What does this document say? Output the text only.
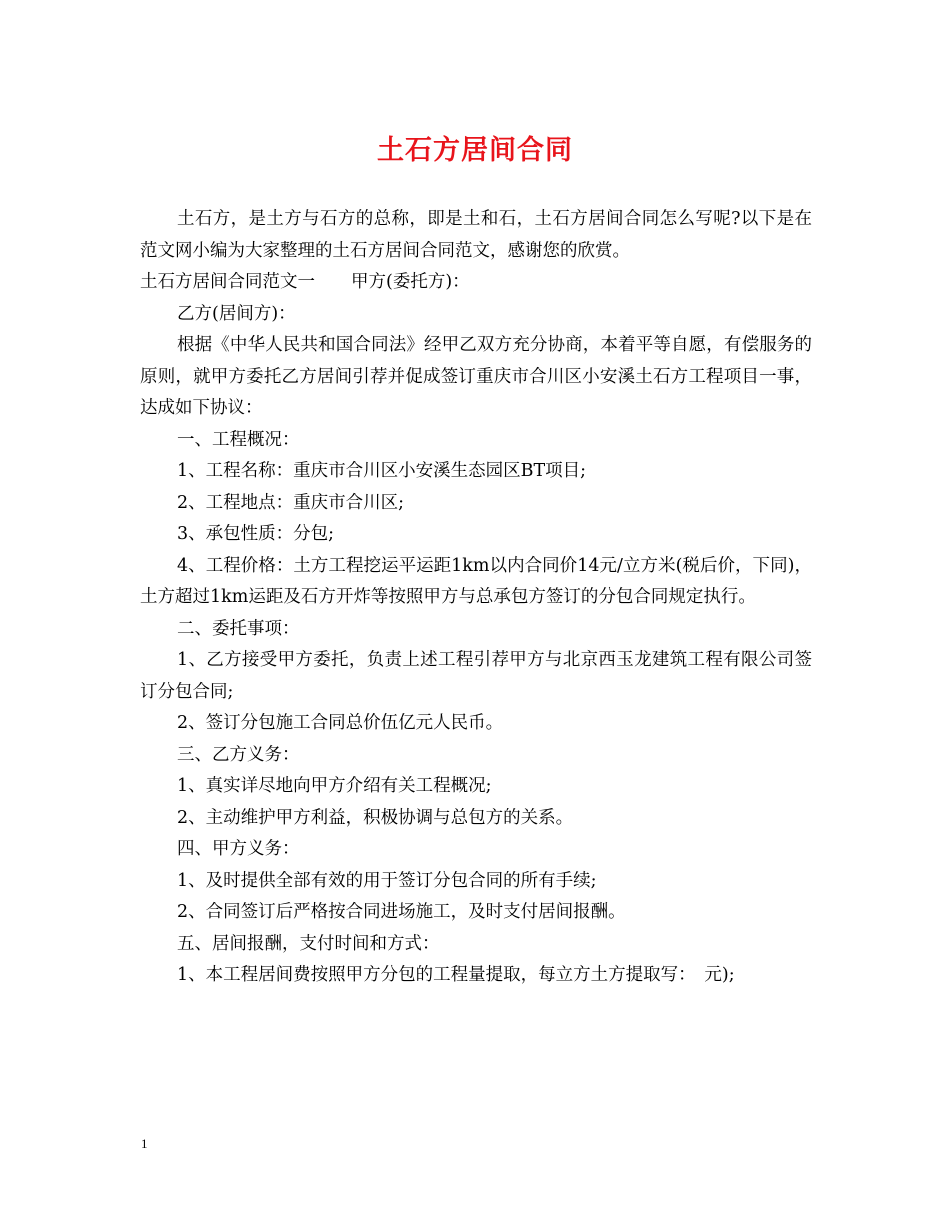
土石方居间合同

土石方，是土方与石方的总称，即是土和石，土石方居间合同怎么写呢?以下是在范文网小编为大家整理的土石方居间合同范文，感谢您的欣赏。

土石方居间合同范文一 甲方(委托方)：

乙方(居间方)：

根据《中华人民共和国合同法》经甲乙双方充分协商，本着平等自愿，有偿服务的原则，就甲方委托乙方居间引荐并促成签订重庆市合川区小安溪土石方工程项目一事，达成如下协议：

一、工程概况：

1、工程名称：重庆市合川区小安溪生态园区BT项目;

2、工程地点：重庆市合川区;

3、承包性质：分包;

4、工程价格：土方工程挖运平运距1km以内合同价14元/立方米(税后价，下同)，土方超过1km运距及石方开炸等按照甲方与总承包方签订的分包合同规定执行。

二、委托事项：

1、乙方接受甲方委托，负责上述工程引荐甲方与北京西玉龙建筑工程有限公司签订分包合同;

2、签订分包施工合同总价伍亿元人民币。

三、乙方义务：

1、真实详尽地向甲方介绍有关工程概况;

2、主动维护甲方利益，积极协调与总包方的关系。

四、甲方义务：

1、及时提供全部有效的用于签订分包合同的所有手续;

2、合同签订后严格按合同进场施工，及时支付居间报酬。

五、居间报酬，支付时间和方式：

1、本工程居间费按照甲方分包的工程量提取，每立方土方提取写：　元);

1
